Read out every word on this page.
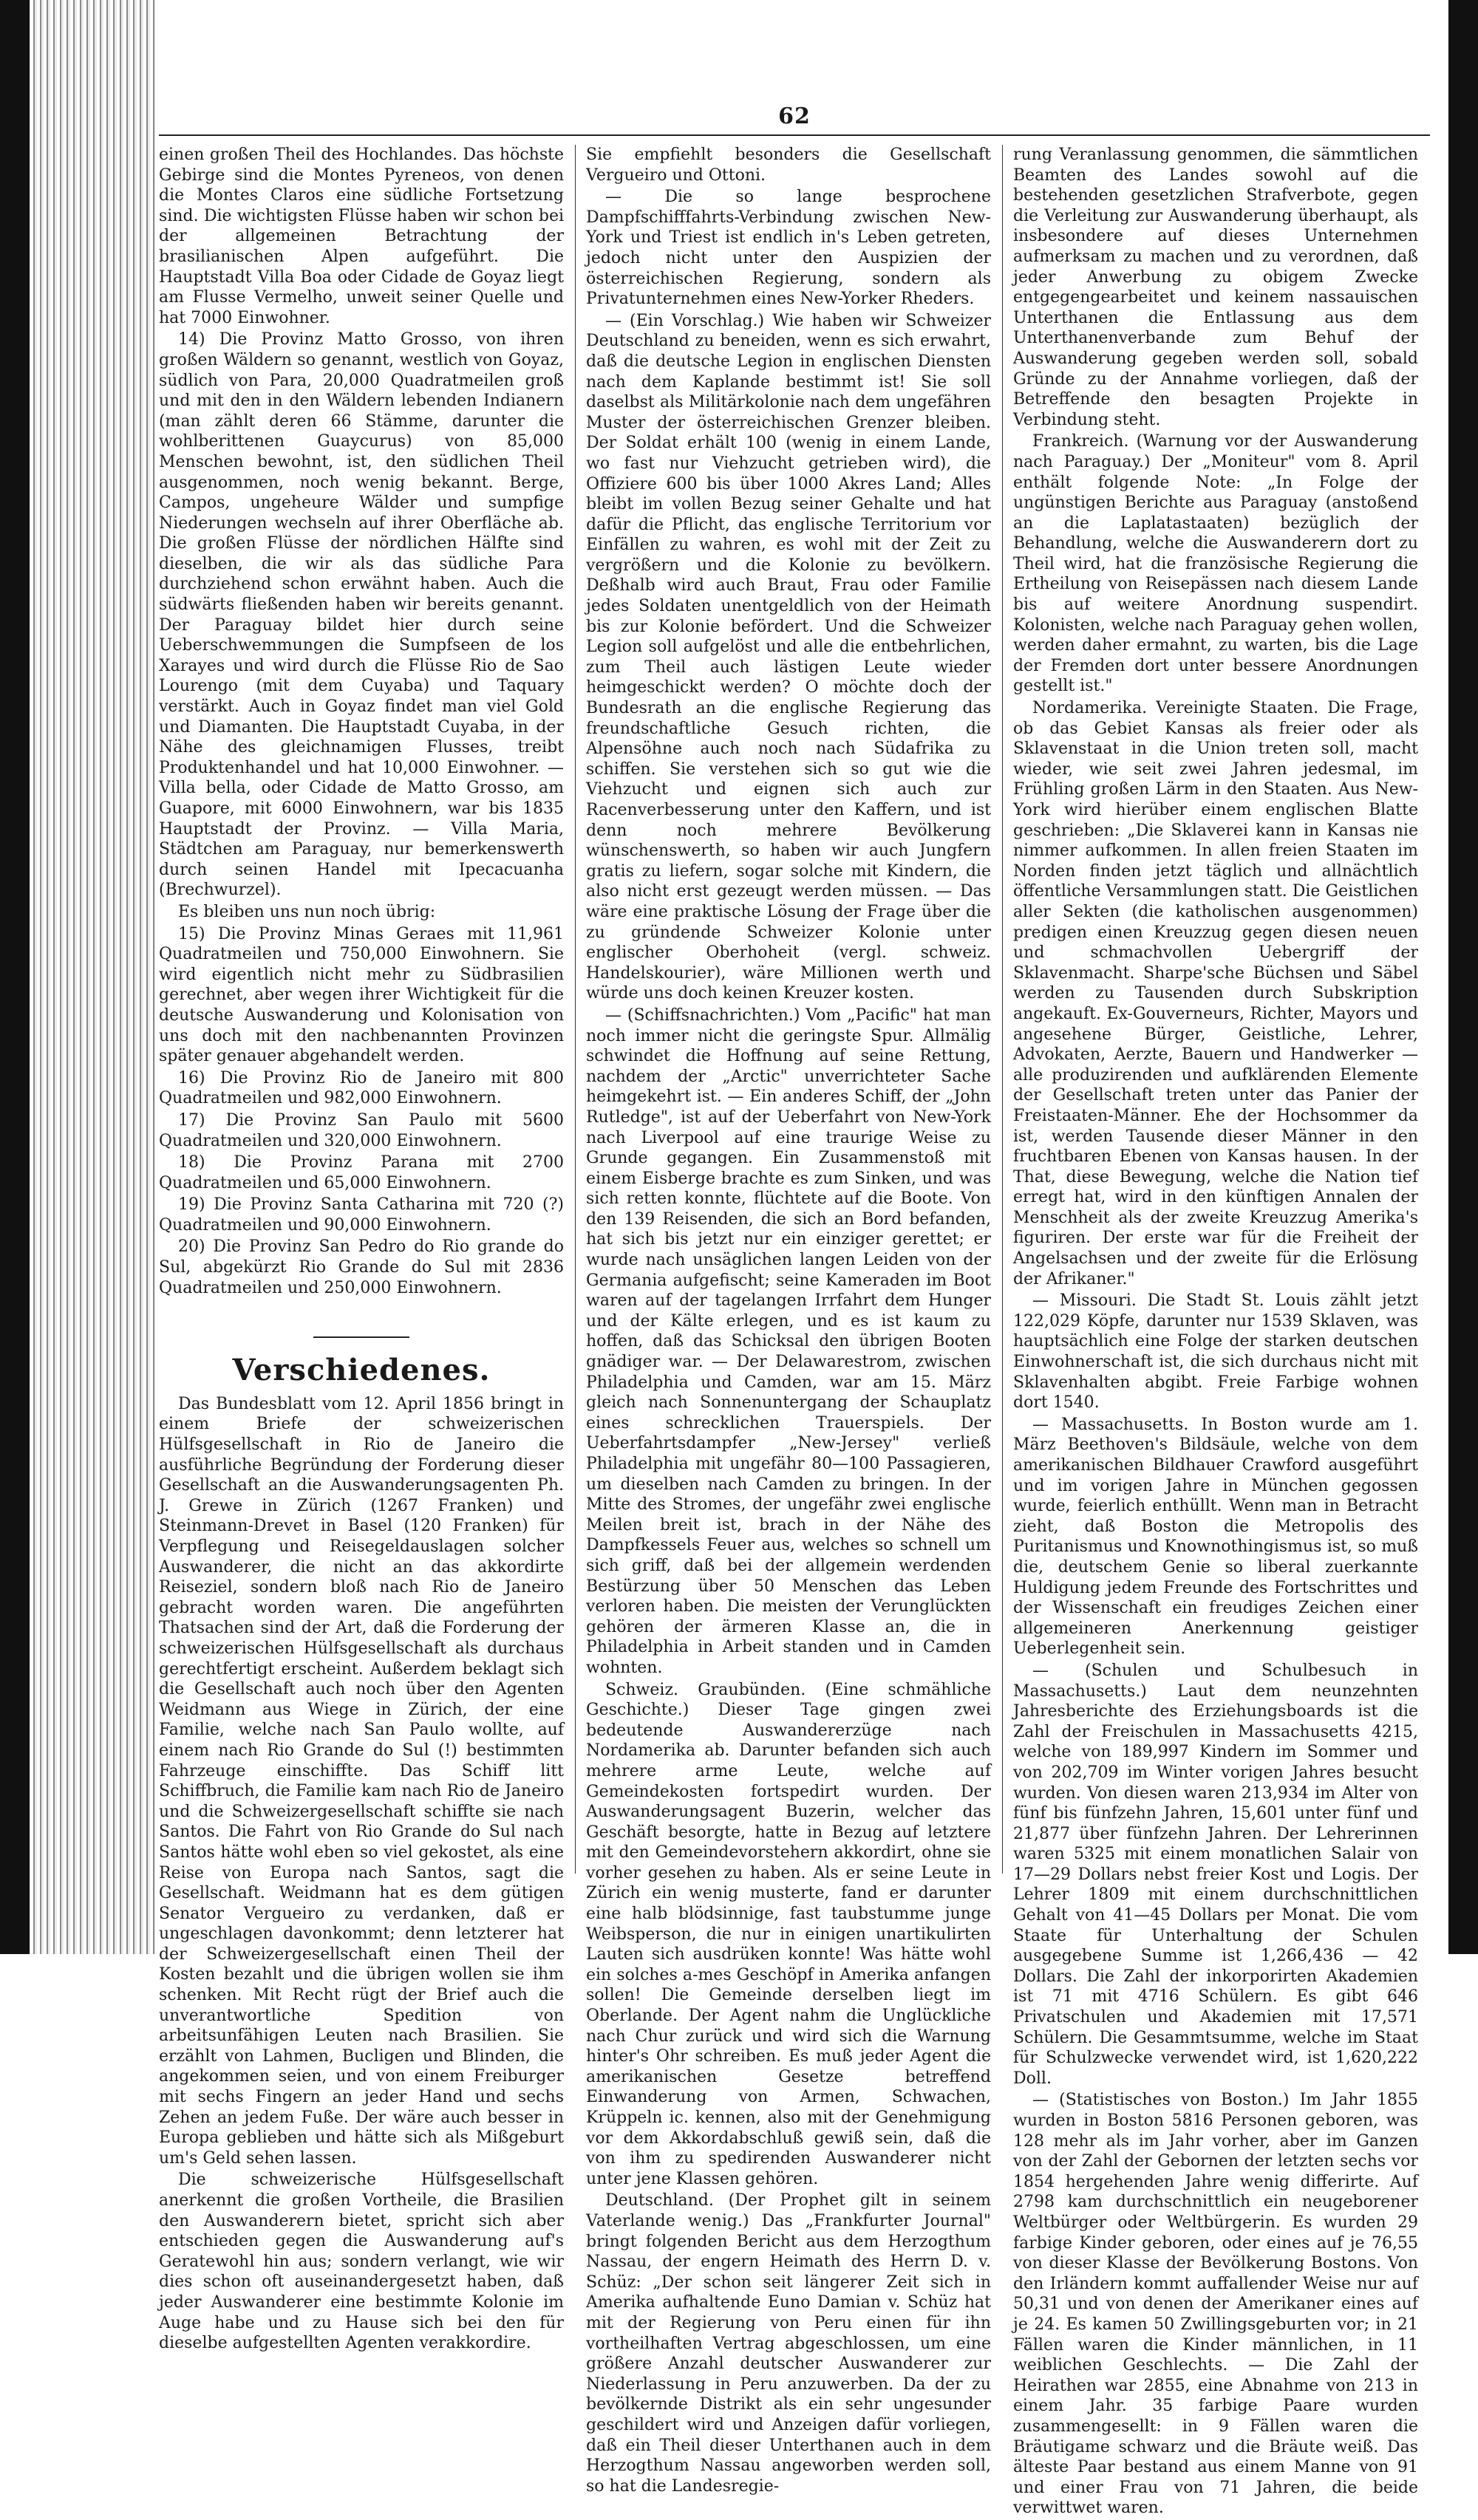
62

einen großen Theil des Hochlandes. Das höchste Gebirge sind die Montes Pyreneos, von denen die Montes Claros eine südliche Fortsetzung sind. Die wichtigsten Flüsse haben wir schon bei der allgemeinen Betrachtung der brasilianischen Alpen aufgeführt. Die Hauptstadt Villa Boa oder Cidade de Goyaz liegt am Flusse Vermelho, unweit seiner Quelle und hat 7000 Einwohner.

14) Die Provinz Matto Grosso, von ihren großen Wäldern so genannt, westlich von Goyaz, südlich von Para, 20,000 Quadratmeilen groß und mit den in den Wäldern lebenden Indianern (man zählt deren 66 Stämme, darunter die wohlberittenen Guaycurus) von 85,000 Menschen bewohnt, ist, den südlichen Theil ausgenommen, noch wenig bekannt. Berge, Campos, ungeheure Wälder und sumpfige Niederungen wechseln auf ihrer Oberfläche ab. Die großen Flüsse der nördlichen Hälfte sind dieselben, die wir als das südliche Para durchziehend schon erwähnt haben. Auch die südwärts fließenden haben wir bereits genannt. Der Paraguay bildet hier durch seine Ueberschwemmungen die Sumpfseen de los Xarayes und wird durch die Flüsse Rio de Sao Lourengo (mit dem Cuyaba) und Taquary verstärkt. Auch in Goyaz findet man viel Gold und Diamanten. Die Hauptstadt Cuyaba, in der Nähe des gleichnamigen Flusses, treibt Produktenhandel und hat 10,000 Einwohner. — Villa bella, oder Cidade de Matto Grosso, am Guapore, mit 6000 Einwohnern, war bis 1835 Hauptstadt der Provinz. — Villa Maria, Städtchen am Paraguay, nur bemerkenswerth durch seinen Handel mit Ipecacuanha (Brechwurzel).

Es bleiben uns nun noch übrig:

15) Die Provinz Minas Geraes mit 11,961 Quadratmeilen und 750,000 Einwohnern. Sie wird eigentlich nicht mehr zu Südbrasilien gerechnet, aber wegen ihrer Wichtigkeit für die deutsche Auswanderung und Kolonisation von uns doch mit den nachbenannten Provinzen später genauer abgehandelt werden.

16) Die Provinz Rio de Janeiro mit 800 Quadratmeilen und 982,000 Einwohnern.

17) Die Provinz San Paulo mit 5600 Quadratmeilen und 320,000 Einwohnern.

18) Die Provinz Parana mit 2700 Quadratmeilen und 65,000 Einwohnern.

19) Die Provinz Santa Catharina mit 720 (?) Quadratmeilen und 90,000 Einwohnern.

20) Die Provinz San Pedro do Rio grande do Sul, abgekürzt Rio Grande do Sul mit 2836 Quadratmeilen und 250,000 Einwohnern.

Verschiedenes.

Das Bundesblatt vom 12. April 1856 bringt in einem Briefe der schweizerischen Hülfsgesellschaft in Rio de Janeiro die ausführliche Begründung der Forderung dieser Gesellschaft an die Auswanderungsagenten Ph. J. Grewe in Zürich (1267 Franken) und Steinmann-Drevet in Basel (120 Franken) für Verpflegung und Reisegeldauslagen solcher Auswanderer, die nicht an das akkordirte Reiseziel, sondern bloß nach Rio de Janeiro gebracht worden waren. Die angeführten Thatsachen sind der Art, daß die Forderung der schweizerischen Hülfsgesellschaft als durchaus gerechtfertigt erscheint. Außerdem beklagt sich die Gesellschaft auch noch über den Agenten Weidmann aus Wiege in Zürich, der eine Familie, welche nach San Paulo wollte, auf einem nach Rio Grande do Sul (!) bestimmten Fahrzeuge einschiffte. Das Schiff litt Schiffbruch, die Familie kam nach Rio de Janeiro und die Schweizergesellschaft schiffte sie nach Santos. Die Fahrt von Rio Grande do Sul nach Santos hätte wohl eben so viel gekostet, als eine Reise von Europa nach Santos, sagt die Gesellschaft. Weidmann hat es dem gütigen Senator Vergueiro zu verdanken, daß er ungeschlagen davonkommt; denn letzterer hat der Schweizergesellschaft einen Theil der Kosten bezahlt und die übrigen wollen sie ihm schenken. Mit Recht rügt der Brief auch die unverantwortliche Spedition von arbeitsunfähigen Leuten nach Brasilien. Sie erzählt von Lahmen, Bucligen und Blinden, die angekommen seien, und von einem Freiburger mit sechs Fingern an jeder Hand und sechs Zehen an jedem Fuße. Der wäre auch besser in Europa geblieben und hätte sich als Mißgeburt um's Geld sehen lassen.

Die schweizerische Hülfsgesellschaft anerkennt die großen Vortheile, die Brasilien den Auswanderern bietet, spricht sich aber entschieden gegen die Auswanderung auf's Geratewohl hin aus; sondern verlangt, wie wir dies schon oft auseinandergesetzt haben, daß jeder Auswanderer eine bestimmte Kolonie im Auge habe und zu Hause sich bei den für dieselbe aufgestellten Agenten verakkordire.

Sie empfiehlt besonders die Gesellschaft Vergueiro und Ottoni.

— Die so lange besprochene Dampfschifffahrts-Verbindung zwischen New-York und Triest ist endlich in's Leben getreten, jedoch nicht unter den Auspizien der österreichischen Regierung, sondern als Privatunternehmen eines New-Yorker Rheders.

— (Ein Vorschlag.) Wie haben wir Schweizer Deutschland zu beneiden, wenn es sich erwahrt, daß die deutsche Legion in englischen Diensten nach dem Kaplande bestimmt ist! Sie soll daselbst als Militärkolonie nach dem ungefähren Muster der österreichischen Grenzer bleiben. Der Soldat erhält 100 (wenig in einem Lande, wo fast nur Viehzucht getrieben wird), die Offiziere 600 bis über 1000 Akres Land; Alles bleibt im vollen Bezug seiner Gehalte und hat dafür die Pflicht, das englische Territorium vor Einfällen zu wahren, es wohl mit der Zeit zu vergrößern und die Kolonie zu bevölkern. Deßhalb wird auch Braut, Frau oder Familie jedes Soldaten unentgeldlich von der Heimath bis zur Kolonie befördert. Und die Schweizer Legion soll aufgelöst und alle die entbehrlichen, zum Theil auch lästigen Leute wieder heimgeschickt werden? O möchte doch der Bundesrath an die englische Regierung das freundschaftliche Gesuch richten, die Alpensöhne auch noch nach Südafrika zu schiffen. Sie verstehen sich so gut wie die Viehzucht und eignen sich auch zur Racenverbesserung unter den Kaffern, und ist denn noch mehrere Bevölkerung wünschenswerth, so haben wir auch Jungfern gratis zu liefern, sogar solche mit Kindern, die also nicht erst gezeugt werden müssen. — Das wäre eine praktische Lösung der Frage über die zu gründende Schweizer Kolonie unter englischer Oberhoheit (vergl. schweiz. Handelskourier), wäre Millionen werth und würde uns doch keinen Kreuzer kosten.

— (Schiffsnachrichten.) Vom „Pacific" hat man noch immer nicht die geringste Spur. Allmälig schwindet die Hoffnung auf seine Rettung, nachdem der „Arctic" unverrichteter Sache heimgekehrt ist. — Ein anderes Schiff, der „John Rutledge", ist auf der Ueberfahrt von New-York nach Liverpool auf eine traurige Weise zu Grunde gegangen. Ein Zusammenstoß mit einem Eisberge brachte es zum Sinken, und was sich retten konnte, flüchtete auf die Boote. Von den 139 Reisenden, die sich an Bord befanden, hat sich bis jetzt nur ein einziger gerettet; er wurde nach unsäglichen langen Leiden von der Germania aufgefischt; seine Kameraden im Boot waren auf der tagelangen Irrfahrt dem Hunger und der Kälte erlegen, und es ist kaum zu hoffen, daß das Schicksal den übrigen Booten gnädiger war. — Der Delawarestrom, zwischen Philadelphia und Camden, war am 15. März gleich nach Sonnenuntergang der Schauplatz eines schrecklichen Trauerspiels. Der Ueberfahrtsdampfer „New-Jersey" verließ Philadelphia mit ungefähr 80—100 Passagieren, um dieselben nach Camden zu bringen. In der Mitte des Stromes, der ungefähr zwei englische Meilen breit ist, brach in der Nähe des Dampfkessels Feuer aus, welches so schnell um sich griff, daß bei der allgemein werdenden Bestürzung über 50 Menschen das Leben verloren haben. Die meisten der Verunglückten gehören der ärmeren Klasse an, die in Philadelphia in Arbeit standen und in Camden wohnten.

Schweiz. Graubünden. (Eine schmähliche Geschichte.) Dieser Tage gingen zwei bedeutende Auswandererzüge nach Nordamerika ab. Darunter befanden sich auch mehrere arme Leute, welche auf Gemeindekosten fortspedirt wurden. Der Auswanderungsagent Buzerin, welcher das Geschäft besorgte, hatte in Bezug auf letztere mit den Gemeindevorstehern akkordirt, ohne sie vorher gesehen zu haben. Als er seine Leute in Zürich ein wenig musterte, fand er darunter eine halb blödsinnige, fast taubstumme junge Weibsperson, die nur in einigen unartikulirten Lauten sich ausdrüken konnte! Was hätte wohl ein solches a-mes Geschöpf in Amerika anfangen sollen! Die Gemeinde derselben liegt im Oberlande. Der Agent nahm die Unglückliche nach Chur zurück und wird sich die Warnung hinter's Ohr schreiben. Es muß jeder Agent die amerikanischen Gesetze betreffend Einwanderung von Armen, Schwachen, Krüppeln ic. kennen, also mit der Genehmigung vor dem Akkordabschluß gewiß sein, daß die von ihm zu spedirenden Auswanderer nicht unter jene Klassen gehören.

Deutschland. (Der Prophet gilt in seinem Vaterlande wenig.) Das „Frankfurter Journal" bringt folgenden Bericht aus dem Herzogthum Nassau, der engern Heimath des Herrn D. v. Schüz: „Der schon seit längerer Zeit sich in Amerika aufhaltende Euno Damian v. Schüz hat mit der Regierung von Peru einen für ihn vortheilhaften Vertrag abgeschlossen, um eine größere Anzahl deutscher Auswanderer zur Niederlassung in Peru anzuwerben. Da der zu bevölkernde Distrikt als ein sehr ungesunder geschildert wird und Anzeigen dafür vorliegen, daß ein Theil dieser Unterthanen auch in dem Herzogthum Nassau angeworben werden soll, so hat die Landesregie-

rung Veranlassung genommen, die sämmtlichen Beamten des Landes sowohl auf die bestehenden gesetzlichen Strafverbote, gegen die Verleitung zur Auswanderung überhaupt, als insbesondere auf dieses Unternehmen aufmerksam zu machen und zu verordnen, daß jeder Anwerbung zu obigem Zwecke entgegengearbeitet und keinem nassauischen Unterthanen die Entlassung aus dem Unterthanenverbande zum Behuf der Auswanderung gegeben werden soll, sobald Gründe zu der Annahme vorliegen, daß der Betreffende den besagten Projekte in Verbindung steht.

Frankreich. (Warnung vor der Auswanderung nach Paraguay.) Der „Moniteur" vom 8. April enthält folgende Note: „In Folge der ungünstigen Berichte aus Paraguay (anstoßend an die Laplatastaaten) bezüglich der Behandlung, welche die Auswanderern dort zu Theil wird, hat die französische Regierung die Ertheilung von Reisepässen nach diesem Lande bis auf weitere Anordnung suspendirt. Kolonisten, welche nach Paraguay gehen wollen, werden daher ermahnt, zu warten, bis die Lage der Fremden dort unter bessere Anordnungen gestellt ist."

Nordamerika. Vereinigte Staaten. Die Frage, ob das Gebiet Kansas als freier oder als Sklavenstaat in die Union treten soll, macht wieder, wie seit zwei Jahren jedesmal, im Frühling großen Lärm in den Staaten. Aus New-York wird hierüber einem englischen Blatte geschrieben: „Die Sklaverei kann in Kansas nie nimmer aufkommen. In allen freien Staaten im Norden finden jetzt täglich und allnächtlich öffentliche Versammlungen statt. Die Geistlichen aller Sekten (die katholischen ausgenommen) predigen einen Kreuzzug gegen diesen neuen und schmachvollen Uebergriff der Sklavenmacht. Sharpe'sche Büchsen und Säbel werden zu Tausenden durch Subskription angekauft. Ex-Gouverneurs, Richter, Mayors und angesehene Bürger, Geistliche, Lehrer, Advokaten, Aerzte, Bauern und Handwerker — alle produzirenden und aufklärenden Elemente der Gesellschaft treten unter das Panier der Freistaaten-Männer. Ehe der Hochsommer da ist, werden Tausende dieser Männer in den fruchtbaren Ebenen von Kansas hausen. In der That, diese Bewegung, welche die Nation tief erregt hat, wird in den künftigen Annalen der Menschheit als der zweite Kreuzzug Amerika's figuriren. Der erste war für die Freiheit der Angelsachsen und der zweite für die Erlösung der Afrikaner."

— Missouri. Die Stadt St. Louis zählt jetzt 122,029 Köpfe, darunter nur 1539 Sklaven, was hauptsächlich eine Folge der starken deutschen Einwohnerschaft ist, die sich durchaus nicht mit Sklavenhalten abgibt. Freie Farbige wohnen dort 1540.

— Massachusetts. In Boston wurde am 1. März Beethoven's Bildsäule, welche von dem amerikanischen Bildhauer Crawford ausgeführt und im vorigen Jahre in München gegossen wurde, feierlich enthüllt. Wenn man in Betracht zieht, daß Boston die Metropolis des Puritanismus und Knownothingismus ist, so muß die, deutschem Genie so liberal zuerkannte Huldigung jedem Freunde des Fortschrittes und der Wissenschaft ein freudiges Zeichen einer allgemeineren Anerkennung geistiger Ueberlegenheit sein.

— (Schulen und Schulbesuch in Massachusetts.) Laut dem neunzehnten Jahresberichte des Erziehungsboards ist die Zahl der Freischulen in Massachusetts 4215, welche von 189,997 Kindern im Sommer und von 202,709 im Winter vorigen Jahres besucht wurden. Von diesen waren 213,934 im Alter von fünf bis fünfzehn Jahren, 15,601 unter fünf und 21,877 über fünfzehn Jahren. Der Lehrerinnen waren 5325 mit einem monatlichen Salair von 17—29 Dollars nebst freier Kost und Logis. Der Lehrer 1809 mit einem durchschnittlichen Gehalt von 41—45 Dollars per Monat. Die vom Staate für Unterhaltung der Schulen ausgegebene Summe ist 1,266,436 — 42 Dollars. Die Zahl der inkorporirten Akademien ist 71 mit 4716 Schülern. Es gibt 646 Privatschulen und Akademien mit 17,571 Schülern. Die Gesammtsumme, welche im Staat für Schulzwecke verwendet wird, ist 1,620,222 Doll.

— (Statistisches von Boston.) Im Jahr 1855 wurden in Boston 5816 Personen geboren, was 128 mehr als im Jahr vorher, aber im Ganzen von der Zahl der Gebornen der letzten sechs vor 1854 hergehenden Jahre wenig differirte. Auf 2798 kam durchschnittlich ein neugeborener Weltbürger oder Weltbürgerin. Es wurden 29 farbige Kinder geboren, oder eines auf je 76,55 von dieser Klasse der Bevölkerung Bostons. Von den Irländern kommt auffallender Weise nur auf 50,31 und von denen der Amerikaner eines auf je 24. Es kamen 50 Zwillingsgeburten vor; in 21 Fällen waren die Kinder männlichen, in 11 weiblichen Geschlechts. — Die Zahl der Heirathen war 2855, eine Abnahme von 213 in einem Jahr. 35 farbige Paare wurden zusammengesellt: in 9 Fällen waren die Bräutigame schwarz und die Bräute weiß. Das älteste Paar bestand aus einem Manne von 91 und einer Frau von 71 Jahren, die beide verwittwet waren.
